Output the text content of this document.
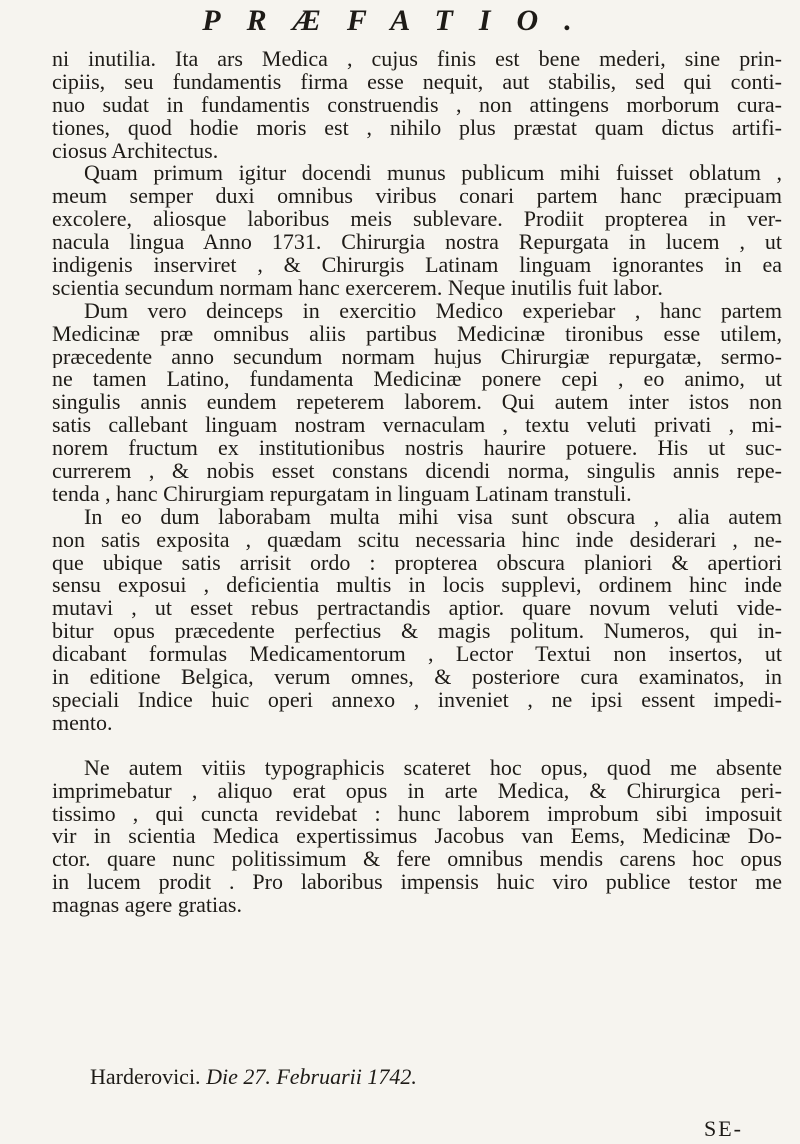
PRÆFATIO.
ni inutilia. Ita ars Medica , cujus finis est bene mederi, sine prin-
cipiis, seu fundamentis firma esse nequit, aut stabilis, sed qui conti-
nuo sudat in fundamentis construendis , non attingens morborum cura-
tiones, quod hodie moris est , nihilo plus præstat quam dictus artifi-
ciosus Architectus.
Quam primum igitur docendi munus publicum mihi fuisset oblatum ,
meum semper duxi omnibus viribus conari partem hanc præcipuam
excolere, aliosque laboribus meis sublevare. Prodiit propterea in ver-
nacula lingua Anno 1731. Chirurgia nostra Repurgata in lucem , ut
indigenis inserviret , & Chirurgis Latinam linguam ignorantes in ea
scientia secundum normam hanc exercerem. Neque inutilis fuit labor.
Dum vero deinceps in exercitio Medico experiebar , hanc partem
Medicinæ præ omnibus aliis partibus Medicinæ tironibus esse utilem,
præcedente anno secundum normam hujus Chirurgiæ repurgatæ, sermo-
ne tamen Latino, fundamenta Medicinæ ponere cepi , eo animo, ut
singulis annis eundem repeterem laborem. Qui autem inter istos non
satis callebant linguam nostram vernaculam , textu veluti privati , mi-
norem fructum ex institutionibus nostris haurire potuere. His ut suc-
currerem , & nobis esset constans dicendi norma, singulis annis repe-
tenda , hanc Chirurgiam repurgatam in linguam Latinam transtuli.
In eo dum laborabam multa mihi visa sunt obscura , alia autem
non satis exposita , quædam scitu necessaria hinc inde desiderari , ne-
que ubique satis arrisit ordo : propterea obscura planiori & apertiori
sensu exposui , deficientia multis in locis supplevi, ordinem hinc inde
mutavi , ut esset rebus pertractandis aptior. quare novum veluti vide-
bitur opus præcedente perfectius & magis politum. Numeros, qui in-
dicabant formulas Medicamentorum , Lector Textui non insertos, ut
in editione Belgica, verum omnes, & posteriore cura examinatos, in
speciali Indice huic operi annexo , inveniet , ne ipsi essent impedi-
mento.
Ne autem vitiis typographicis scateret hoc opus, quod me absente
imprimebatur , aliquo erat opus in arte Medica, & Chirurgica peri-
tissimo , qui cuncta revidebat : hunc laborem improbum sibi imposuit
vir in scientia Medica expertissimus Jacobus van Eems, Medicinæ Do-
ctor. quare nunc politissimum & fere omnibus mendis carens hoc opus
in lucem prodit . Pro laboribus impensis huic viro publice testor me
magnas agere gratias.
Harderovici. Die 27. Februarii 1742.
SE-
